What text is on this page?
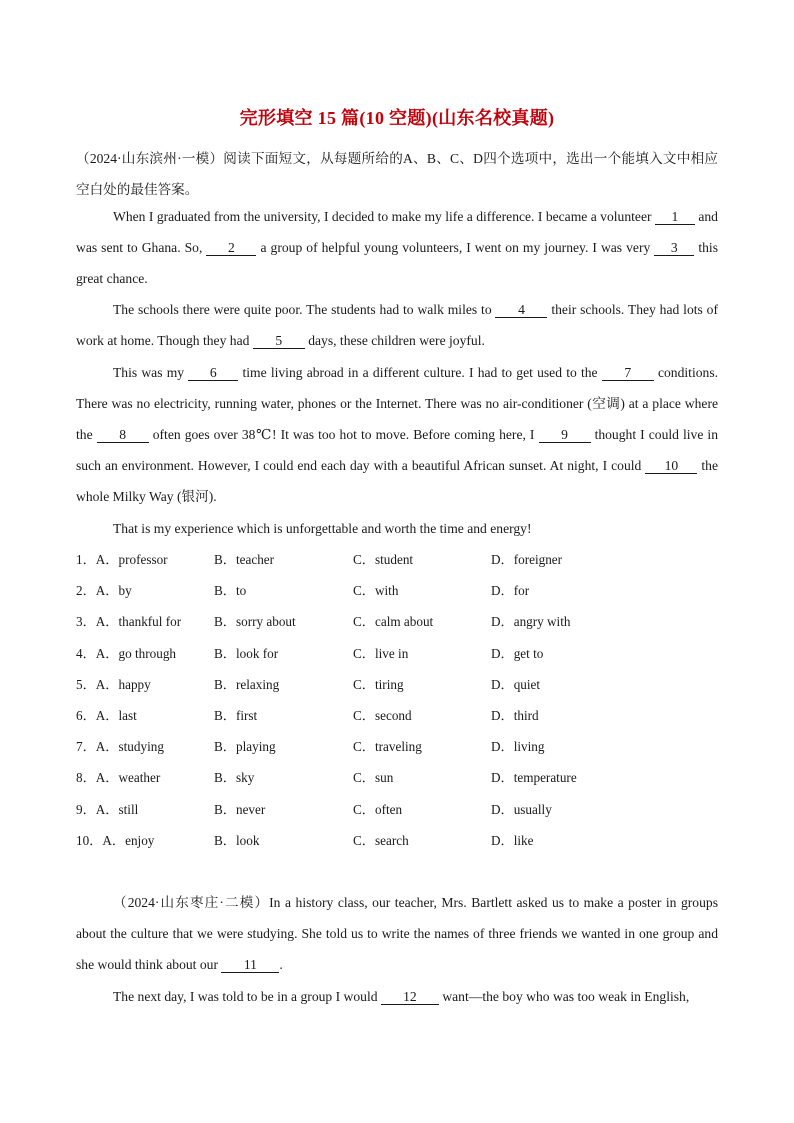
完形填空 15 篇(10 空题)(山东名校真题)
（2024·山东滨州·一模）阅读下面短文，从每题所给的A、B、C、D四个选项中，选出一个能填入文中相应空白处的最佳答案。
When I graduated from the university, I decided to make my life a difference. I became a volunteer 1 and was sent to Ghana. So, 2 a group of helpful young volunteers, I went on my journey. I was very 3 this great chance.
The schools there were quite poor. The students had to walk miles to 4 their schools. They had lots of work at home. Though they had 5 days, these children were joyful.
This was my 6 time living abroad in a different culture. I had to get used to the 7 conditions. There was no electricity, running water, phones or the Internet. There was no air-conditioner (空调) at a place where the 8 often goes over 38℃! It was too hot to move. Before coming here, I 9 thought I could live in such an environment. However, I could end each day with a beautiful African sunset. At night, I could 10 the whole Milky Way (银河).
That is my experience which is unforgettable and worth the time and energy!
1．A．professor	B．teacher	C．student	D．foreigner
2．A．by	B．to	C．with	D．for
3．A．thankful for B．sorry about	C．calm about	D．angry with
4．A．go through	B．look for	C．live in	D．get to
5．A．happy	B．relaxing	C．tiring	D．quiet
6．A．last	B．first	C．second	D．third
7．A．studying	B．playing	C．traveling	D．living
8．A．weather	B．sky	C．sun	D．temperature
9．A．still	B．never	C．often	D．usually
10．A．enjoy	B．look	C．search	D．like
（2024·山东枣庄·二模）In a history class, our teacher, Mrs. Bartlett asked us to make a poster in groups about the culture that we were studying. She told us to write the names of three friends we wanted in one group and she would think about our 11 .
The next day, I was told to be in a group I would 12 want—the boy who was too weak in English,
